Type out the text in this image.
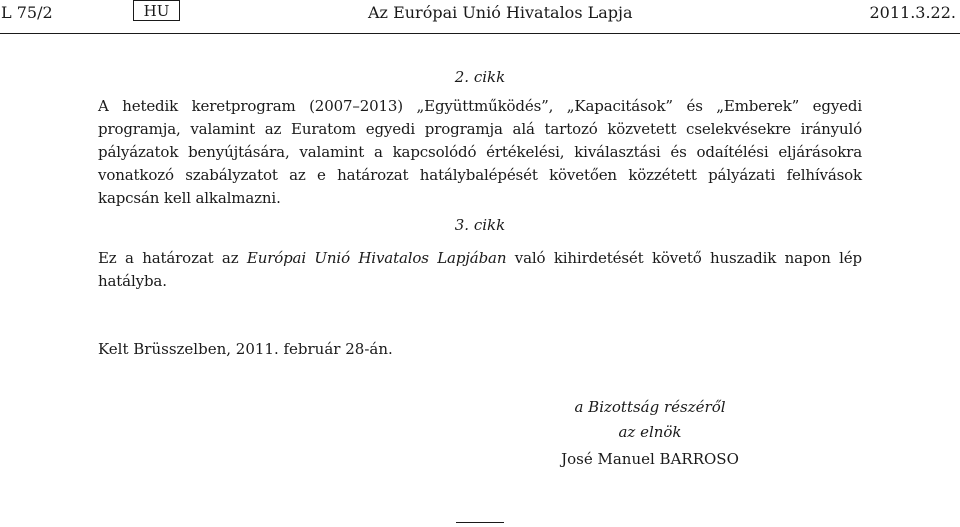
L 75/2	HU	Az Európai Unió Hivatalos Lapja	2011.3.22.
2. cikk
A hetedik keretprogram (2007–2013) „Együttműködés”, „Kapacitások” és „Emberek” egyedi programja, valamint az Euratom egyedi programja alá tartozó közvetett cselekvésekre irányuló pályázatok benyújtására, valamint a kapcsolódó értékelési, kiválasztási és odaítélési eljárásokra vonatkozó szabályzatot az e határozat hatálybalépését követően közzétett pályázati felhívások kapcsán kell alkalmazni.
3. cikk
Ez a határozat az Európai Unió Hivatalos Lapjában való kihirdetését követő huszadik napon lép hatályba.
Kelt Brüsszelben, 2011. február 28-án.
a Bizottság részéről
az elnök
José Manuel BARROSO
